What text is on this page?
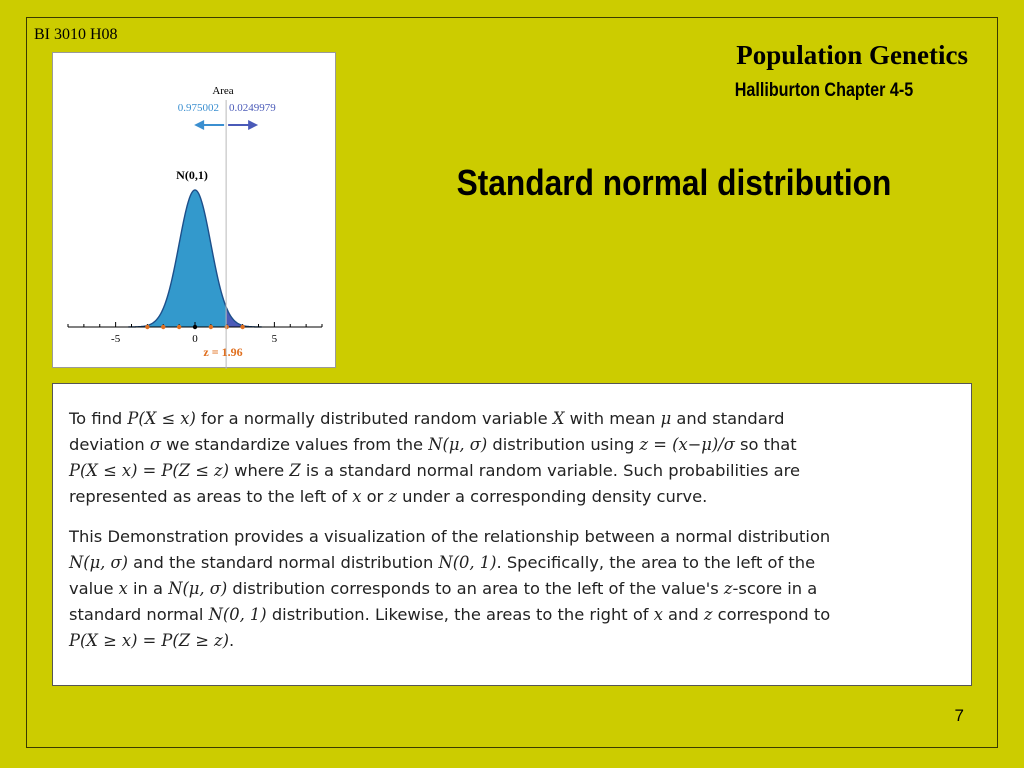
BI 3010 H08
Population Genetics
Halliburton Chapter 4-5
Standard normal distribution
-5	0	5
Area
0.975002 0.0249979
N(0,1)
z = 1.96
To find P(X ≤ x) for a normally distributed random variable X with mean μ and standard
deviation σ we standardize values from the N(μ, σ) distribution using z = (x−μ)/σ so that
P(X ≤ x) = P(Z ≤ z) where Z is a standard normal random variable. Such probabilities are
represented as areas to the left of x or z under a corresponding density curve.
This Demonstration provides a visualization of the relationship between a normal distribution
N(μ, σ) and the standard normal distribution N(0, 1). Specifically, the area to the left of the
value x in a N(μ, σ) distribution corresponds to an area to the left of the value's z-score in a
standard normal N(0, 1) distribution. Likewise, the areas to the right of x and z correspond to
P(X ≥ x) = P(Z ≥ z).
7
